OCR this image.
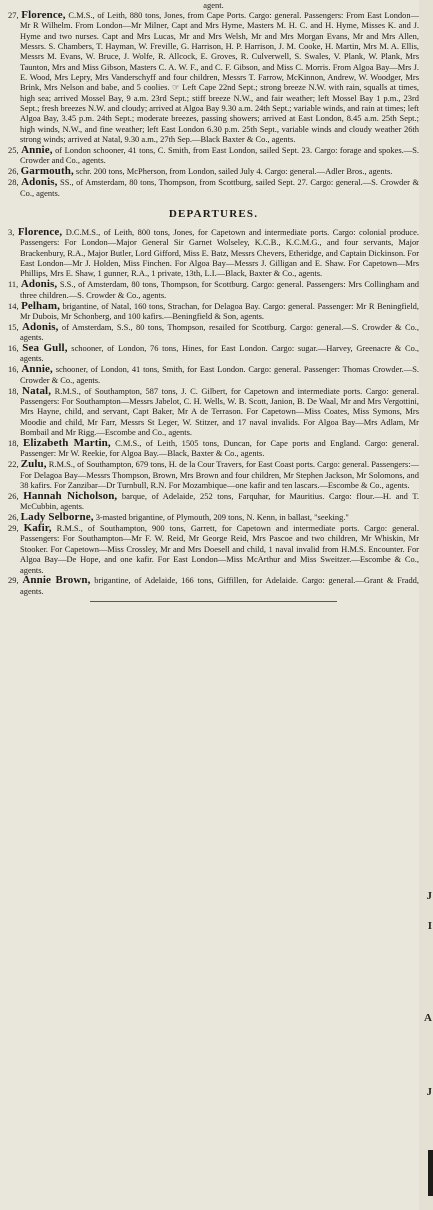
agent.

27, Florence, C.M.S., of Leith, 880 tons, Jones, from Cape Ports. Cargo: general. Passengers: From East London—Mr R Wilhelm. From London—Mr Milner, Capt and Mrs Hyme, Masters M. H. C. and H. Hyme, Misses K. and J. Hyme and two nurses. Capt and Mrs Lucas, Mr and Mrs Welsh, Mr and Mrs Morgan Evans, Mr and Mrs Allen, Messrs. S. Chambers, T. Hayman, W. Freville, G. Harrison, H. P. Harrison, J. M. Cooke, H. Martin, Mrs M. A. Ellis, Messrs M. Evans, W. Bruce, J. Wolfe, R. Allcock, E. Groves, R. Culverwell, S. Swales, V. Plank, W. Plank, Mrs Taunton, Mrs and Miss Gibson, Masters C. A. W. F., and C. F. Gibson, and Miss C. Morris. From Algoa Bay—Mrs J. E. Wood, Mrs Lepry, Mrs Vanderschyff and four children, Messrs T. Farrow, McKinnon, Andrew, W. Woodger, Mrs Brink, Mrs Nelson and babe, and 5 coolies. ☞ Left Cape 22nd Sept.; strong breeze N.W. with rain, squalls at times, high sea; arrived Mossel Bay, 9 a.m. 23rd Sept.; stiff breeze N.W., and fair weather; left Mossel Bay 1 p.m., 23rd Sept.; fresh breezes N.W. and cloudy; arrived at Algoa Bay 9.30 a.m. 24th Sept.; variable winds, and rain at times; left Algoa Bay, 3.45 p.m. 24th Sept.; moderate breezes, passing showers; arrived at East London, 8.45 a.m. 25th Sept.; high winds, N.W., and fine weather; left East London 6.30 p.m. 25th Sept., variable winds and cloudy weather 26th strong winds; arrived at Natal, 9.30 a.m., 27th Sep.—Black Baxter & Co., agents.

25, Annie, of London schooner, 41 tons, C. Smith, from East London, sailed Sept. 23. Cargo: forage and spokes.—S. Crowder and Co., agents.

26, Garmouth, schr. 200 tons, McPherson, from London, sailed July 4. Cargo: general.—Adler Bros., agents.

28, Adonis, SS., of Amsterdam, 80 tons, Thompson, from Scottburg, sailed Sept. 27. Cargo: general.—S. Crowder & Co., agents.

DEPARTURES.

3, Florence, D.C.M.S., of Leith, 800 tons, Jones, for Capetown and intermediate ports. Cargo: colonial produce. Passengers: For London—Major General Sir Garnet Wolseley, K.C.B., K.C.M.G., and four servants, Major Brackenbury, R.A., Major Butler, Lord Gifford, Miss E. Batz, Messrs Chevers, Etheridge, and Captain Dickinson. For East London—Mr J. Holden, Miss Finchen. For Algoa Bay—Messrs J. Gilligan and E. Shaw. For Capetown—Mrs Phillips, Mrs E. Shaw, 1 gunner, R.A., 1 private, 13th, L.I.—Black, Baxter & Co., agents.

11, Adonis, S.S., of Amsterdam, 80 tons, Thompson, for Scottburg. Cargo: general. Passengers: Mrs Collingham and three children.—S. Crowder & Co., agents.

14, Pelham, brigantine, of Natal, 160 tons, Strachan, for Delagoa Bay. Cargo: general. Passenger: Mr R Beningfield, Mr Dubois, Mr Schonberg, and 100 kafirs.—Beningfield & Son, agents.

15, Adonis, of Amsterdam, S.S., 80 tons, Thompson, resailed for Scottburg. Cargo: general.—S. Crowder & Co., agents.

16, Sea Gull, schooner, of London, 76 tons, Hines, for East London. Cargo: sugar.—Harvey, Greenacre & Co., agents.

16, Annie, schooner, of London, 41 tons, Smith, for East London. Cargo: general. Passenger: Thomas Crowder.—S. Crowder & Co., agents.

18, Natal, R.M.S., of Southampton, 587 tons, J. C. Gilbert, for Capetown and intermediate ports. Cargo: general. Passengers: For Southampton—Messrs Jabelot, C. H. Wells, W. B. Scott, Janion, B. De Waal, Mr and Mrs Vergottini, Mrs Hayne, child, and servant, Capt Baker, Mr A de Terrason. For Capetown—Miss Coates, Miss Symons, Mrs Moodie and child, Mr Farr, Messrs St Leger, W. Stitzer, and 17 naval invalids. For Algoa Bay—Mrs Adlam, Mr Bombail and Mr Rigg.—Escombe and Co., agents.

18, Elizabeth Martin, C.M.S., of Leith, 1505 tons, Duncan, for Cape ports and England. Cargo: general. Passenger: Mr W. Reekie, for Algoa Bay.—Black, Baxter & Co., agents.

22, Zulu, R.M.S., of Southampton, 679 tons, H. de la Cour Travers, for East Coast ports. Cargo: general. Passengers:—For Delagoa Bay—Messrs Thompson, Brown, Mrs Brown and four children, Mr Stephen Jackson, Mr Solomons, and 38 kafirs. For Zanzibar—Dr Turnbull, R.N. For Mozambique—one kafir and ten lascars.—Escombe & Co., agents.

26, Hannah Nicholson, barque, of Adelaide, 252 tons, Farquhar, for Mauritius. Cargo: flour.—H. and T. McCubbin, agents.

26, Lady Selborne, 3-masted brigantine, of Plymouth, 209 tons, N. Kenn, in ballast, "seeking."

29, Kafir, R.M.S., of Southampton, 900 tons, Garrett, for Capetown and intermediate ports. Cargo: general. Passengers: For Southampton—Mr F. W. Reid, Mr George Reid, Mrs Pascoe and two children, Mr Whiskin, Mr Stooker. For Capetown—Miss Crossley, Mr and Mrs Doesell and child, 1 naval invalid from H.M.S. Encounter. For Algoa Bay—De Hope, and one kafir. For East London—Miss McArthur and Miss Sweitzer.—Escombe & Co., agents.

29, Annie Brown, brigantine, of Adelaide, 166 tons, Giffillen, for Adelaide. Cargo: general.—Grant & Fradd, agents.

J
I
A
J
